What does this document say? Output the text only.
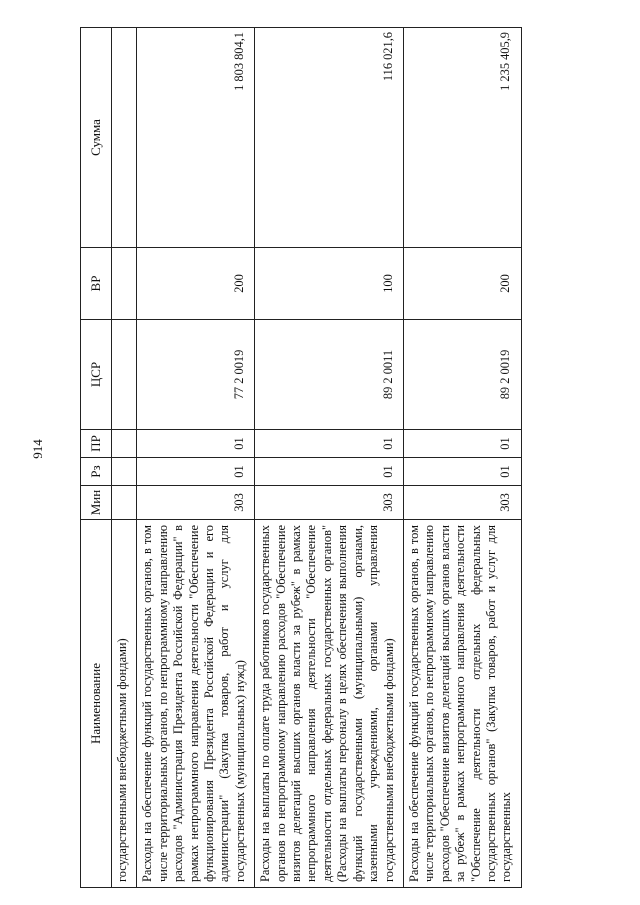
914
Наименование	Мин	Рз	ПР	ЦСР	ВР	Сумма
государственными внебюджетными фондами)						
Расходы на обеспечение функций государственных органов, в том числе территориальных органов, по непрограммному направлению расходов "Администрация Президента Российской Федерации" в рамках непрограммного направления деятельности "Обеспечение функционирования Президента Российской Федерации и его администрации" (Закупка товаров, работ и услуг для государственных (муниципальных) нужд)	303	01	01	77 2 0019	200	1 803 804,1
Расходы на выплаты по оплате труда работников государственных органов по непрограммному направлению расходов "Обеспечение визитов делегаций высших органов власти за рубеж" в рамках непрограммного направления деятельности "Обеспечение деятельности отдельных федеральных государственных органов" (Расходы на выплаты персоналу в целях обеспечения выполнения функций государственными (муниципальными) органами, казенными учреждениями, органами управления государственными внебюджетными фондами)	303	01	01	89 2 0011	100	116 021,6
Расходы на обеспечение функций государственных органов, в том числе территориальных органов, по непрограммному направлению расходов "Обеспечение визитов делегаций высших органов власти за рубеж" в рамках непрограммного направления деятельности "Обеспечение деятельности отдельных федеральных государственных органов" (Закупка товаров, работ и услуг для государственных	303	01	01	89 2 0019	200	1 235 405,9
